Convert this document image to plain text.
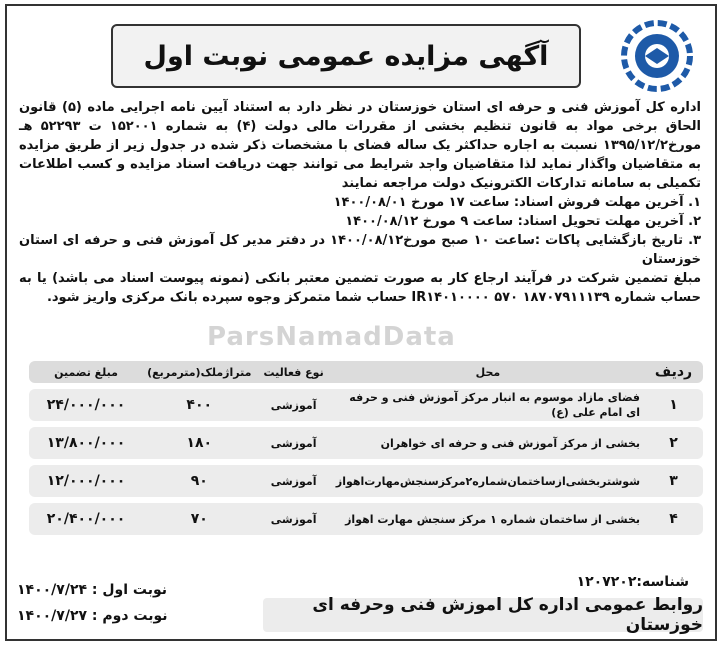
آگهی مزایده عمومی نوبت اول

اداره کل آموزش فنی و حرفه ای استان خوزستان در نظر دارد به استناد آیین نامه اجرایی ماده (۵) قانون الحاق برخی مواد به قانون تنظیم بخشی از مقررات مالی دولت (۴) به شماره ۱۵۲۰۰۱ ت ۵۲۲۹۳ هـ مورخ۱۳۹۵/۱۲/۲ نسبت به اجاره حداکثر یک ساله فضای با مشخصات ذکر شده در جدول زیر از طریق مزایده به متقاضیان واگذار نماید لذا متقاضیان واجد شرایط می توانند جهت دریافت اسناد مزایده و کسب اطلاعات تکمیلی به سامانه تدارکات الکترونیک دولت مراجعه نمایند

۱. آخرین مهلت فروش اسناد: ساعت ۱۷ مورخ ۱۴۰۰/۰۸/۰۱

۲. آخرین مهلت تحویل اسناد: ساعت ۹ مورخ ۱۴۰۰/۰۸/۱۲

۳. تاریخ بازگشایی پاکات :ساعت ۱۰ صبح مورخ۱۴۰۰/۰۸/۱۲ در دفتر مدیر کل آموزش فنی و حرفه ای استان خوزستان

مبلغ تضمین شرکت در فرآیند ارجاع کار به صورت تضمین معتبر بانکی (نمونه پیوست اسناد می باشد) یا به حساب شماره IR۱۴۰۱۰۰۰۰ ۵۷۰ ۱۸۷۰۷۹۱۱۱۳۹ حساب شما متمرکز وجوه سپرده بانک مرکزی واریز شود.

ParsNamadData
ردیف	محل	نوع فعالیت	متراژملک(مترمربع)	مبلغ تضمین
۱	فضای مازاد موسوم به انبار مرکز آموزش فنی و حرفه ای امام علی (ع)	آموزشی	۴۰۰	۲۴/۰۰۰/۰۰۰
۲	بخشی از مرکز آموزش فنی و حرفه ای خواهران	آموزشی	۱۸۰	۱۳/۸۰۰/۰۰۰
۳	شوشتربخشی‌ازساختمان‌شماره۲مرکزسنجش‌مهارت‌اهواز	آموزشی	۹۰	۱۲/۰۰۰/۰۰۰
۴	بخشی از ساختمان شماره ۱ مرکز سنجش مهارت اهواز	آموزشی	۷۰	۲۰/۴۰۰/۰۰۰
شناسه:۱۲۰۷۲۰۲
روابط عمومی اداره کل اموزش فنی وحرفه ای خوزستان
نوبت اول : ۱۴۰۰/۷/۲۴
نوبت دوم : ۱۴۰۰/۷/۲۷
